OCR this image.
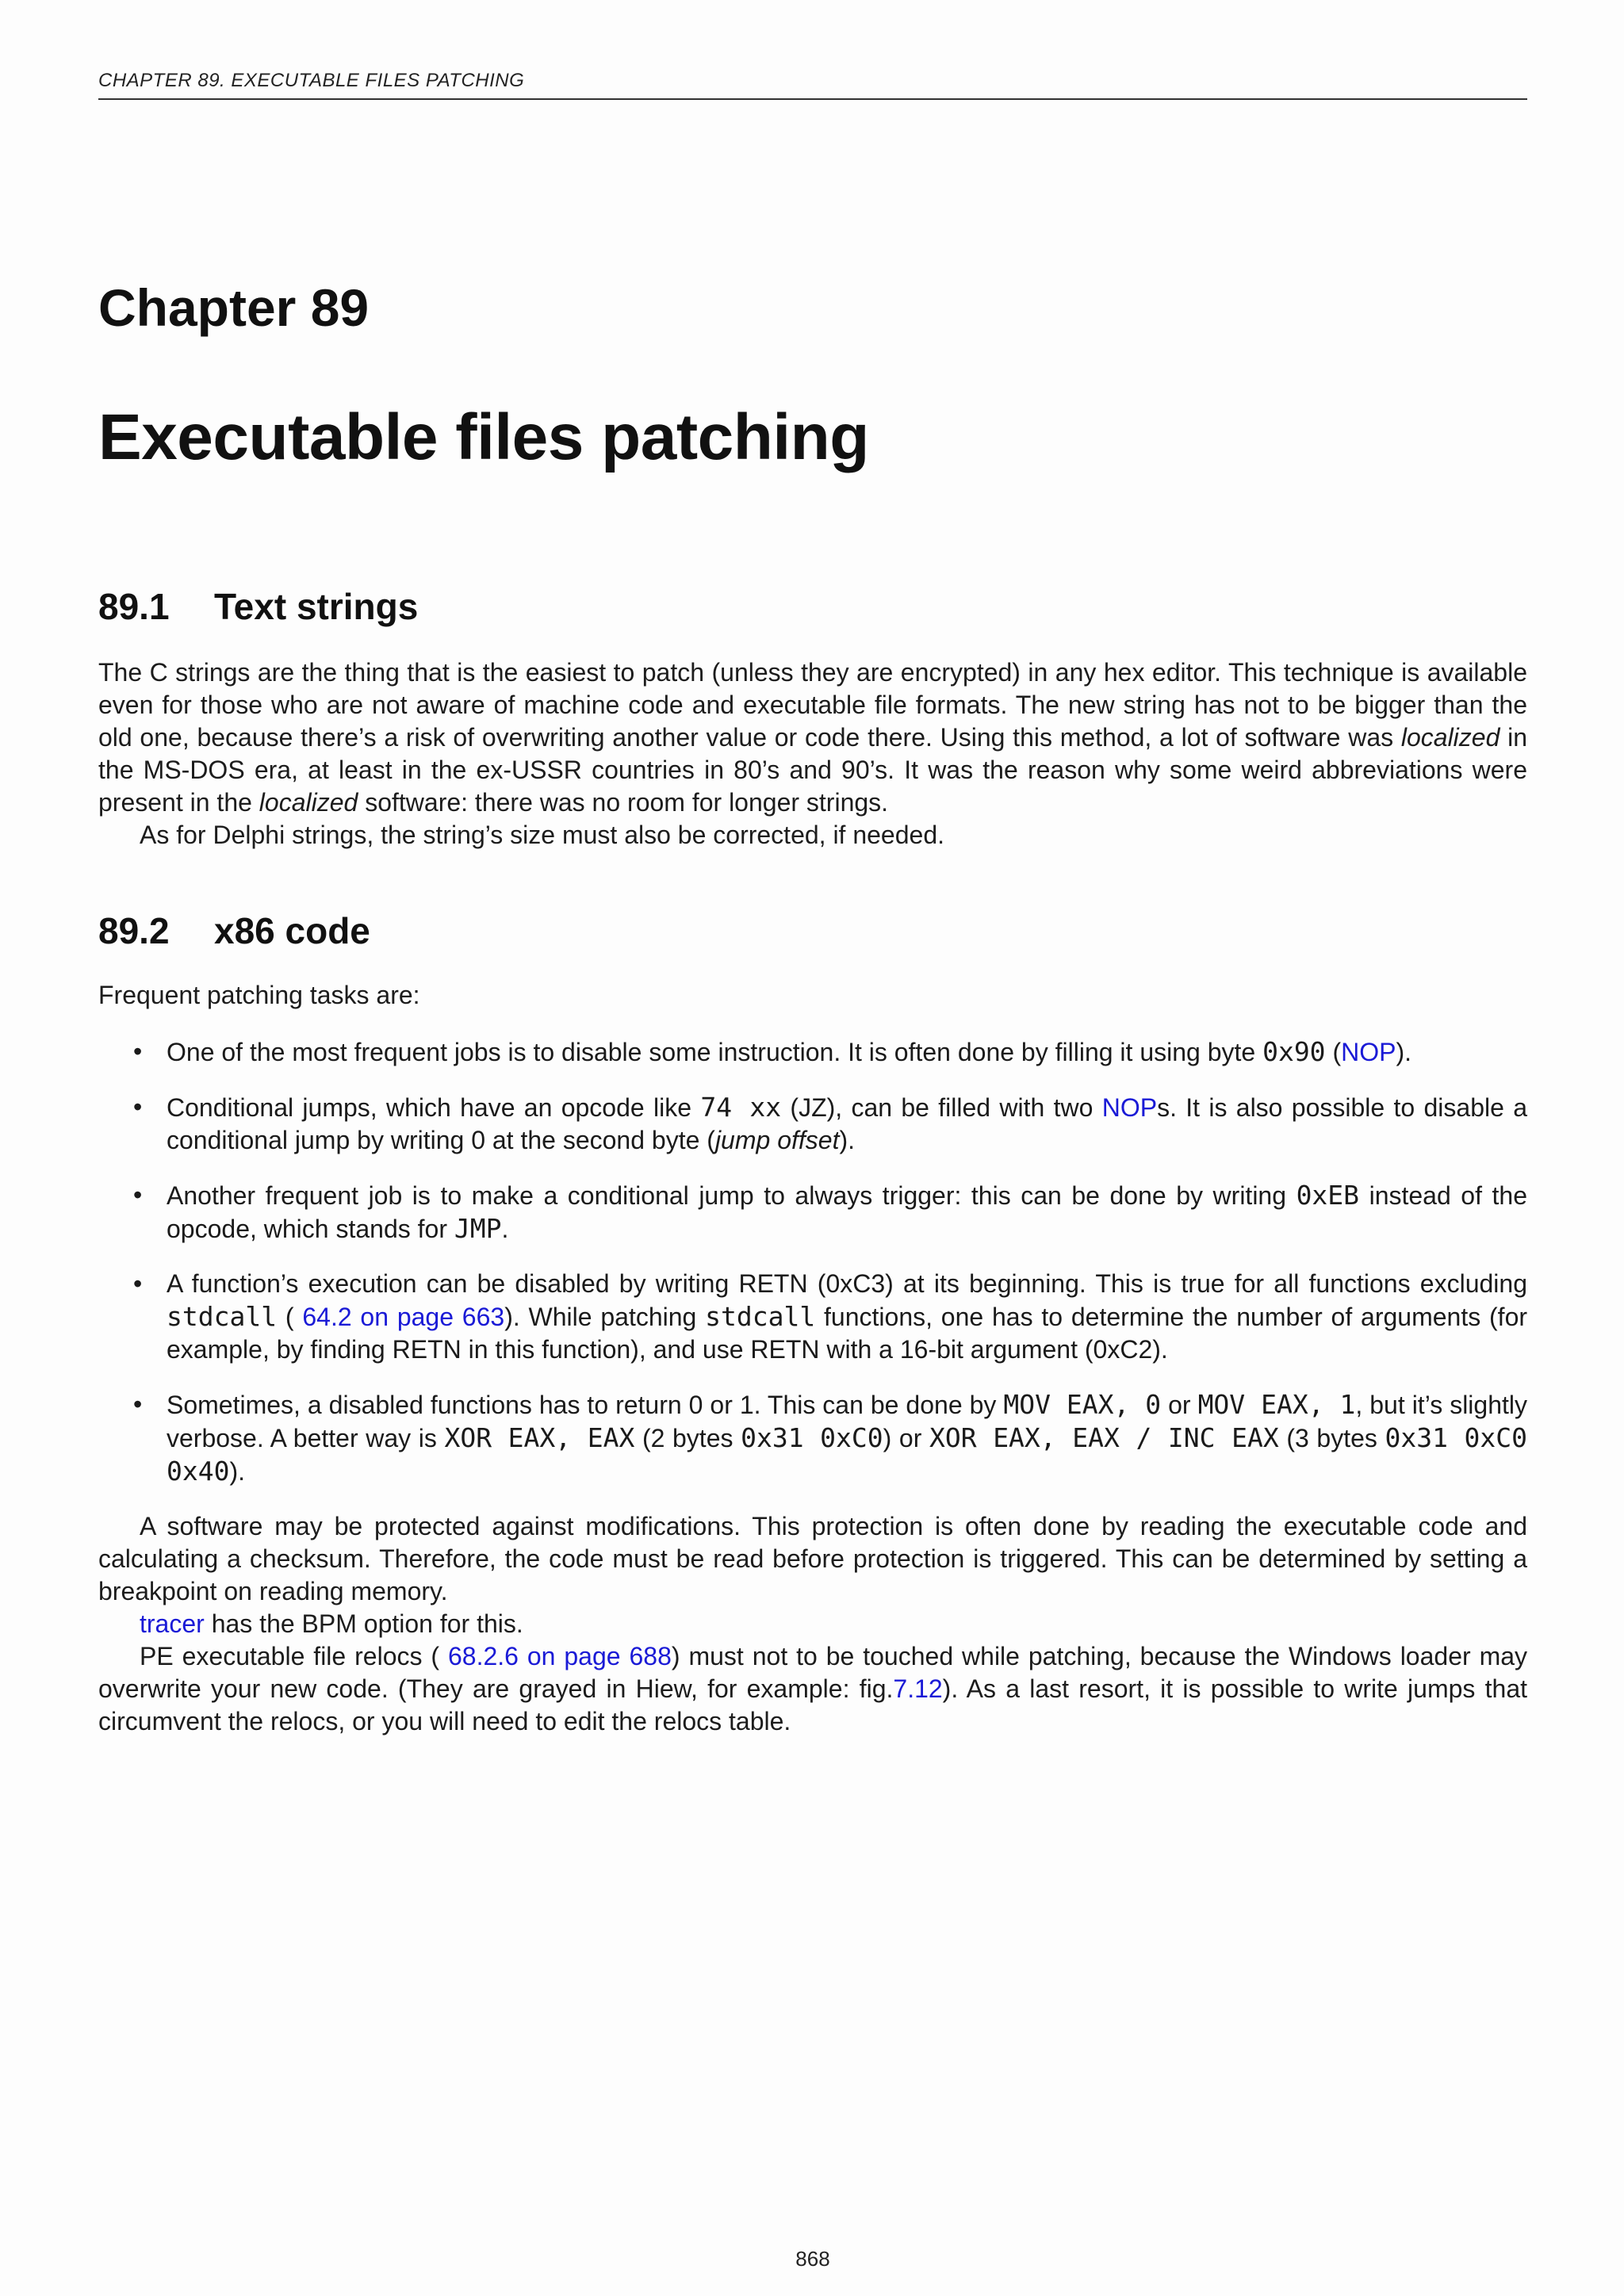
CHAPTER 89. EXECUTABLE FILES PATCHING
Chapter 89
Executable files patching
89.1	Text strings

The C strings are the thing that is the easiest to patch (unless they are encrypted) in any hex editor. This technique is available even for those who are not aware of machine code and executable file formats. The new string has not to be bigger than the old one, because there’s a risk of overwriting another value or code there. Using this method, a lot of software was localized in the MS-DOS era, at least in the ex-USSR countries in 80’s and 90’s. It was the reason why some weird abbreviations were present in the localized software: there was no room for longer strings.

As for Delphi strings, the string’s size must also be corrected, if needed.

89.2	x86 code

Frequent patching tasks are:

• One of the most frequent jobs is to disable some instruction. It is often done by filling it using byte 0x90 (NOP).
• Conditional jumps, which have an opcode like 74 xx (JZ), can be filled with two NOPs. It is also possible to disable a conditional jump by writing 0 at the second byte (jump offset).
• Another frequent job is to make a conditional jump to always trigger: this can be done by writing 0xEB instead of the opcode, which stands for JMP.
• A function’s execution can be disabled by writing RETN (0xC3) at its beginning. This is true for all functions excluding stdcall ( 64.2 on page 663). While patching stdcall functions, one has to determine the number of arguments (for example, by finding RETN in this function), and use RETN with a 16-bit argument (0xC2).
• Sometimes, a disabled functions has to return 0 or 1. This can be done by MOV EAX, 0 or MOV EAX, 1, but it’s slightly verbose. A better way is XOR EAX, EAX (2 bytes 0x31 0xC0) or XOR EAX, EAX / INC EAX (3 bytes 0x31 0xC0 0x40).

A software may be protected against modifications. This protection is often done by reading the executable code and calculating a checksum. Therefore, the code must be read before protection is triggered. This can be determined by setting a breakpoint on reading memory.

tracer has the BPM option for this.

PE executable file relocs ( 68.2.6 on page 688) must not to be touched while patching, because the Windows loader may overwrite your new code. (They are grayed in Hiew, for example: fig.7.12). As a last resort, it is possible to write jumps that circumvent the relocs, or you will need to edit the relocs table.

868
